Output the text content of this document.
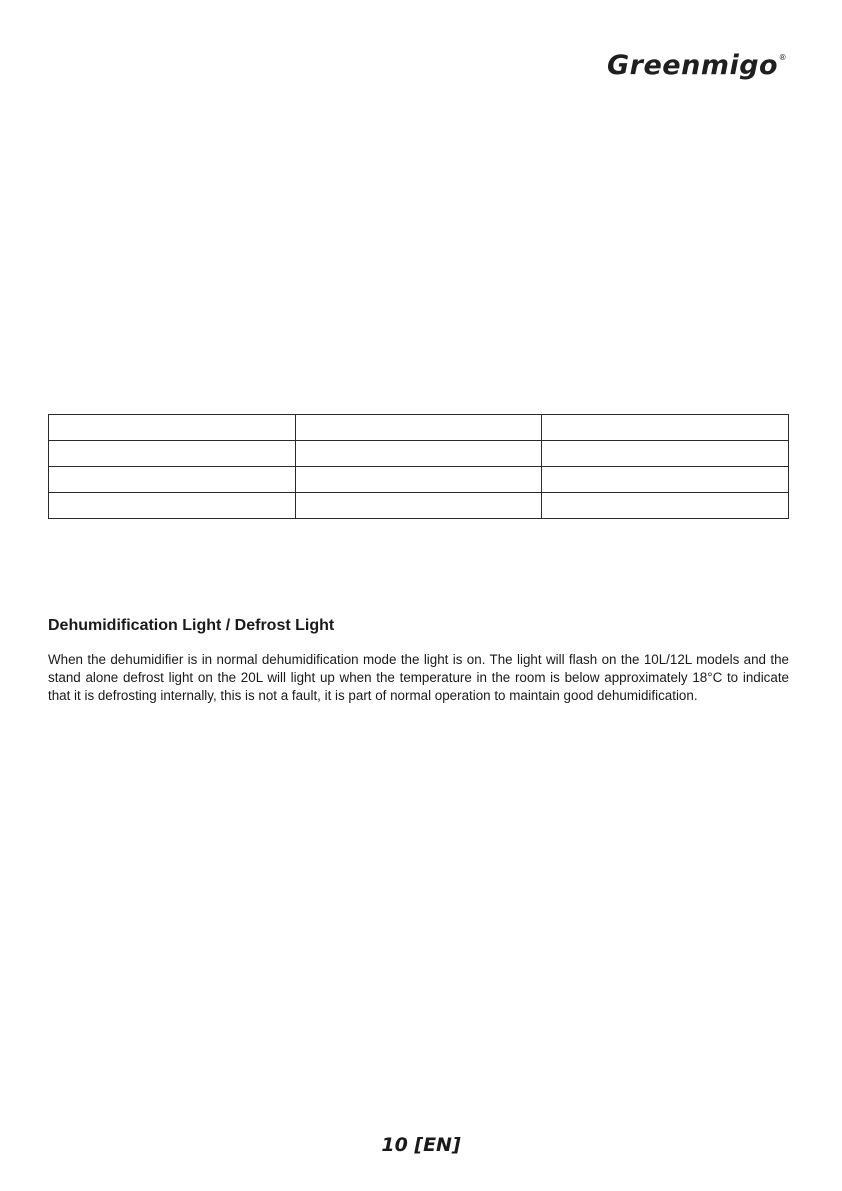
Greenmigo ®

Dehumidification Light / Defrost Light

When the dehumidifier is in normal dehumidification mode the light is on. The light will flash on the 10L/12L models and the stand alone defrost light on the 20L will light up when the temperature in the room is below approximately 18°C to indicate that it is defrosting internally, this is not a fault, it is part of normal operation to maintain good dehumidification.

10 [EN]
